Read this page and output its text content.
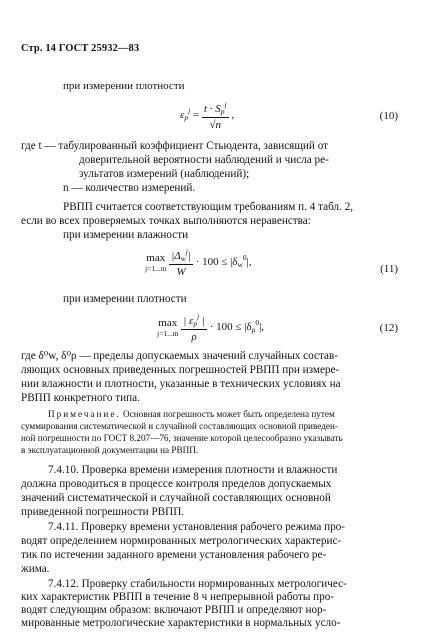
Стр. 14 ГОСТ 25932—83
при измерении плотности
$\varepsilon_p^j = \frac{t \cdot S_p^j}{√n}$ ,	(10)
где t — табулированный коэффициент Стьюдента, зависящий от
доверительной вероятности наблюдений и числа ре-
зультатов измерений (наблюдений);
n — количество измерений.
РВПП считается соответствующим требованиям п. 4 табл. 2,
если во всех проверяемых точках выполняются неравенства:
при измерении влажности
max
j=1...m
$\frac{|\Delta_w^j|}{W} \cdot 100 \le |\delta_w^0|$,
(11)
при измерении плотности
max
j=1...m
$\frac{| \varepsilon_p^j |}{\rho} \cdot 100 \le |\delta_\rho^0|$,	(12)
где δ⁰w, δ⁰ρ — пределы допускаемых значений случайных состав-
ляющих основных приведенных погрешностей РВПП при измере-
нии влажности и плотности, указанные в технических условиях на
РВПП конкретного типа.
Примечание. Основная погрешность может быть определена путем
суммирования систематической и случайной составляющих основной приведен-
ной погрешности по ГОСТ 8.207—76, значение которой целесообразно указывать
в эксплуатационной документации на РВПП.
7.4.10. Проверка времени измерения плотности и влажности
должна проводиться в процессе контроля пределов допускаемых
значений систематической и случайной составляющих основной
приведенной погрешности РВПП.
7.4.11. Проверку времени установления рабочего режима про-
водят определением нормированных метрологических характерис-
тик по истечении заданного времени установления рабочего ре-
жима.
7.4.12. Проверку стабильности нормированных метрологичес-
ких характеристик РВПП в течение 8 ч непрерывной работы про-
водят следующим образом: включают РВПП и определяют нор-
мированные метрологические характеристики в нормальных усло-
